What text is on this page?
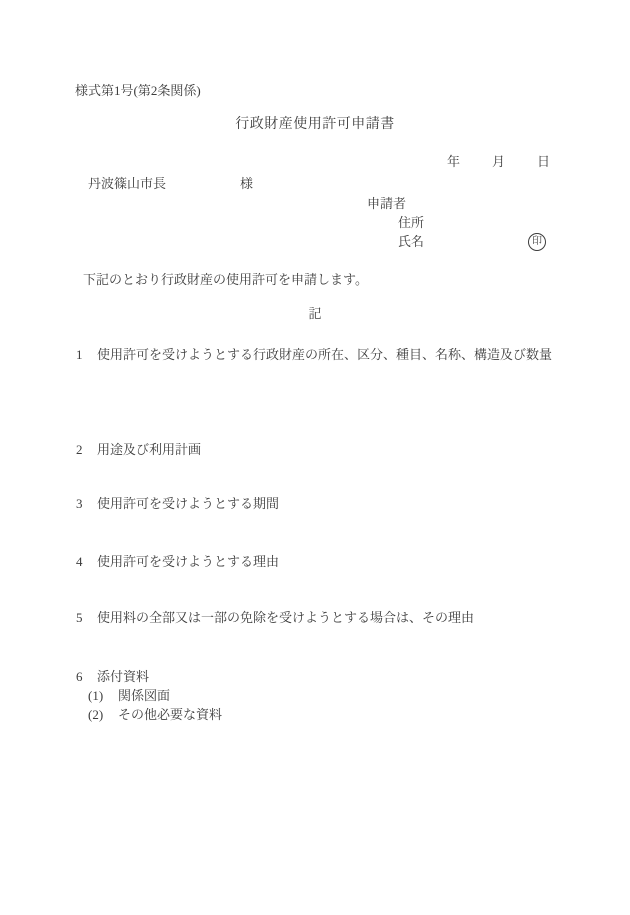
様式第1号(第2条関係)
行政財産使用許可申請書
年 月 日
丹波篠山市長	様
申請者
住所
氏名	印
下記のとおり行政財産の使用許可を申請します。
記
1 使用許可を受けようとする行政財産の所在、区分、種目、名称、構造及び数量
2 用途及び利用計画
3 使用許可を受けようとする期間
4 使用許可を受けようとする理由
5 使用料の全部又は一部の免除を受けようとする場合は、その理由
6 添付資料
(1) 関係図面
(2) その他必要な資料
